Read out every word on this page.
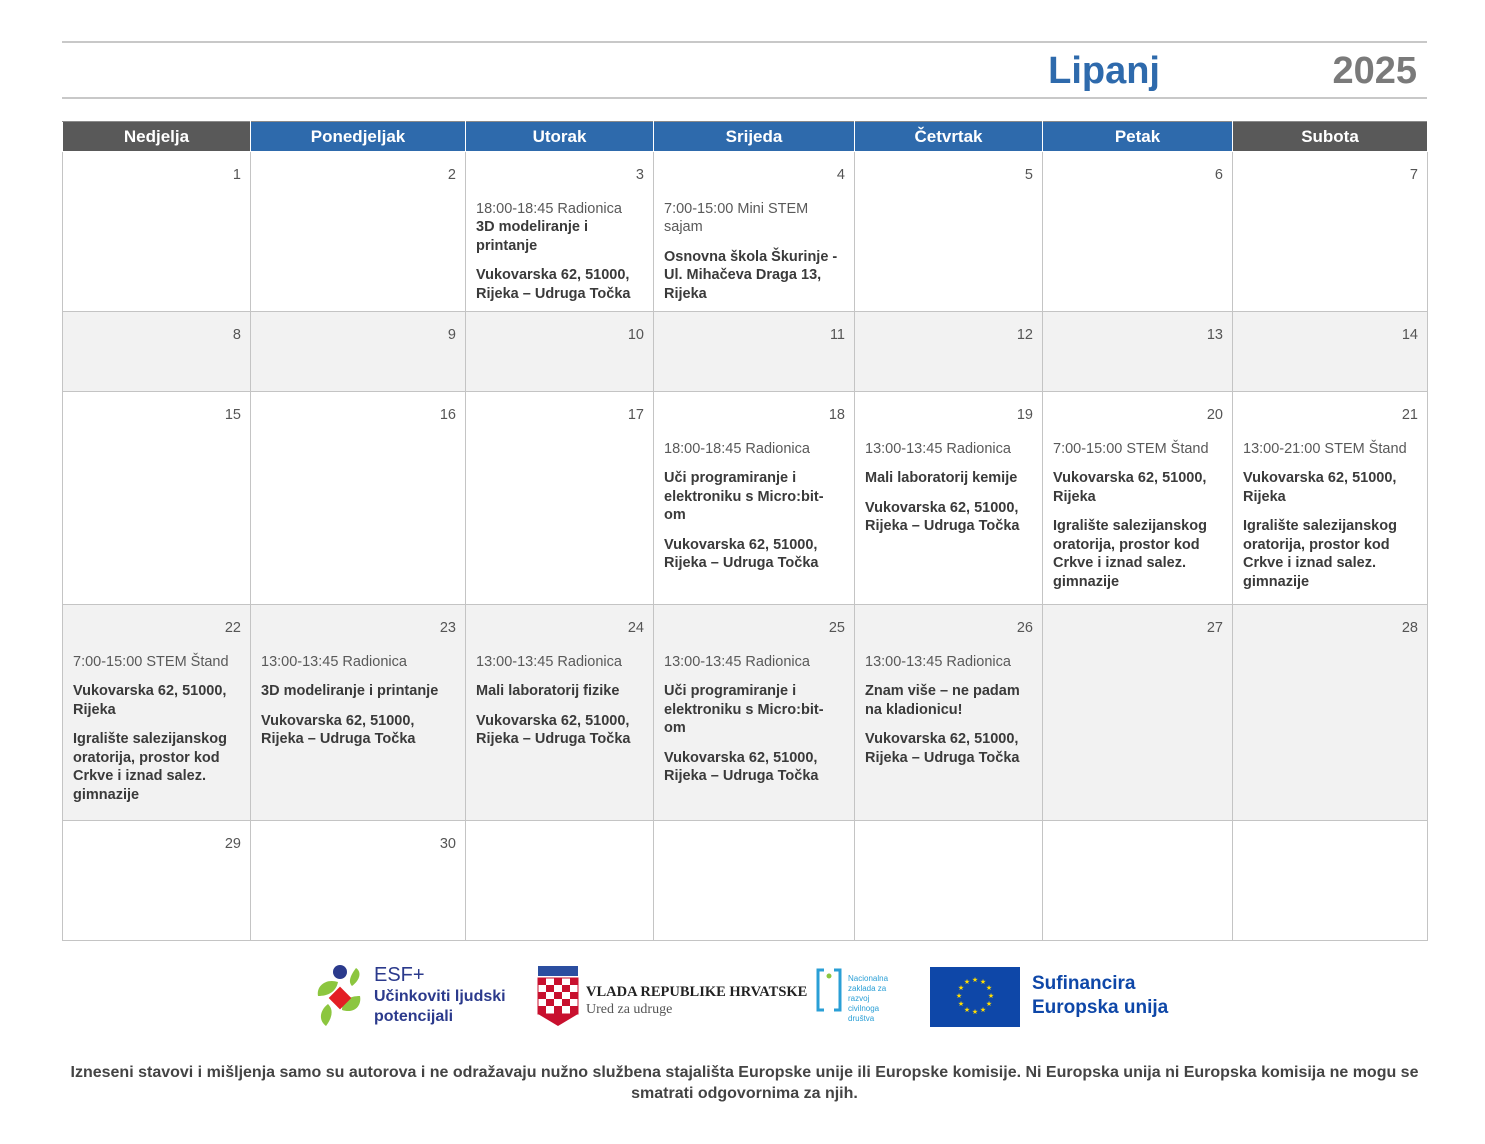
Lipanj	2025
Nedjelja	Ponedjeljak	Utorak	Srijeda	Četvrtak	Petak	Subota

1	2	3
18:00-18:45 Radionica
3D modeliranje i printanje
Vukovarska 62, 51000, Rijeka – Udruga Točka	4
7:00-15:00 Mini STEM sajam
Osnovna škola Škurinje - Ul. Mihačeva Draga 13, Rijeka	5	6	7

8	9	10	11	12	13	14

15	16	17	18
18:00-18:45 Radionica
Uči programiranje i elektroniku s Micro:bit-om
Vukovarska 62, 51000, Rijeka – Udruga Točka	19
13:00-13:45 Radionica
Mali laboratorij kemije
Vukovarska 62, 51000, Rijeka – Udruga Točka	20
7:00-15:00 STEM Štand
Vukovarska 62, 51000, Rijeka
Igralište salezijanskog oratorija, prostor kod Crkve i iznad salez. gimnazije	21
13:00-21:00 STEM Štand
Vukovarska 62, 51000, Rijeka
Igralište salezijanskog oratorija, prostor kod Crkve i iznad salez. gimnazije

22
7:00-15:00 STEM Štand
Vukovarska 62, 51000, Rijeka
Igralište salezijanskog oratorija, prostor kod Crkve i iznad salez. gimnazije	23
13:00-13:45 Radionica
3D modeliranje i printanje
Vukovarska 62, 51000, Rijeka – Udruga Točka	24
13:00-13:45 Radionica
Mali laboratorij fizike
Vukovarska 62, 51000, Rijeka – Udruga Točka	25
13:00-13:45 Radionica
Uči programiranje i elektroniku s Micro:bit-om
Vukovarska 62, 51000, Rijeka – Udruga Točka	26
13:00-13:45 Radionica
Znam više – ne padam na kladionicu!
Vukovarska 62, 51000, Rijeka – Udruga Točka	27	28

29	30					

ESF+
Učinkoviti ljudski
potencijali
VLADA REPUBLIKE HRVATSKE
Ured za udruge
Nacionalna
zaklada za
razvoj
civilnoga
društva
★ ★
★
★
★
★
★
★
★
★
★
★	Sufinancira
Europska unija
Izneseni stavovi i mišljenja samo su autorova i ne odražavaju nužno službena stajališta Europske unije ili Europske komisije. Ni Europska unija ni Europska komisija ne mogu se smatrati odgovornima za njih.
